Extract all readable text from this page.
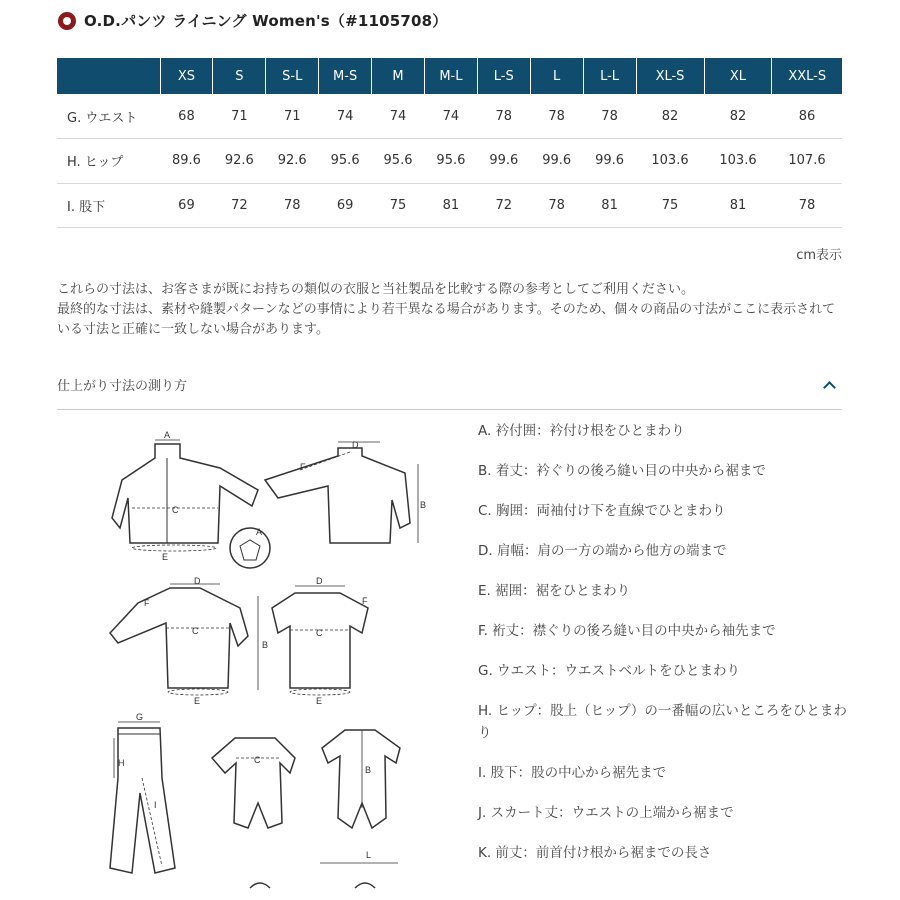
O.D.パンツ ライニング Women's（#1105708）
	XS	S	S-L	M-S	M	M-L	L-S	L	L-L	XL-S	XL	XXL-S
G. ウエスト	68	71	71	74	74	74	78	78	78	82	82	86
H. ヒップ	89.6	92.6	92.6	95.6	95.6	95.6	99.6	99.6	99.6	103.6	103.6	107.6
I. 股下	69	72	78	69	75	81	72	78	81	75	81	78
cm表示
これらの寸法は、お客さまが既にお持ちの類似の衣服と当社製品を比較する際の参考としてご利用ください。
最終的な寸法は、素材や縫製パターンなどの事情により若干異なる場合があります。そのため、個々の商品の寸法がここに表示されている寸法と正確に一致しない場合があります。
仕上がり寸法の測り方
A
C
E
D
F
B
A
D
F
C
E
B
D
F
C
E
G
H
I
C
B
L
A. 衿付囲：衿付け根をひとまわり
B. 着丈：衿ぐりの後ろ縫い目の中央から裾まで
C. 胸囲：両袖付け下を直線でひとまわり
D. 肩幅：肩の一方の端から他方の端まで
E. 裾囲：裾をひとまわり
F. 裄丈：襟ぐりの後ろ縫い目の中央から袖先まで
G. ウエスト：ウエストベルトをひとまわり
H. ヒップ：股上（ヒップ）の一番幅の広いところをひとまわり
I. 股下：股の中心から裾先まで
J. スカート丈：ウエストの上端から裾まで
K. 前丈：前首付け根から裾までの長さ
